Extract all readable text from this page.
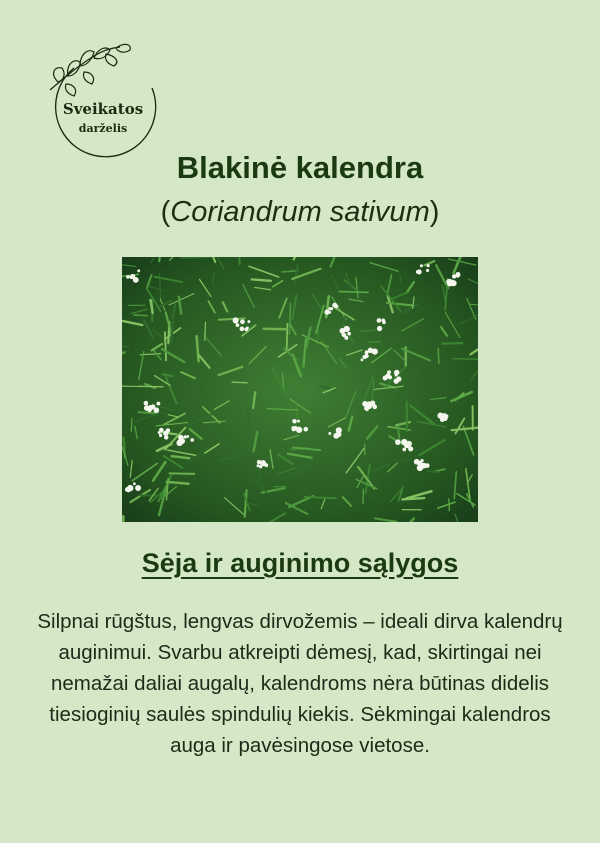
Sveikatos
darželis
Blakinė kalendra
(Coriandrum sativum)
Sėja ir auginimo sąlygos
Silpnai rūgštus, lengvas dirvožemis – ideali dirva kalendrų auginimui. Svarbu atkreipti dėmesį, kad, skirtingai nei nemažai daliai augalų, kalendroms nėra būtinas didelis tiesioginių saulės spindulių kiekis. Sėkmingai kalendros auga ir pavėsingose vietose.
